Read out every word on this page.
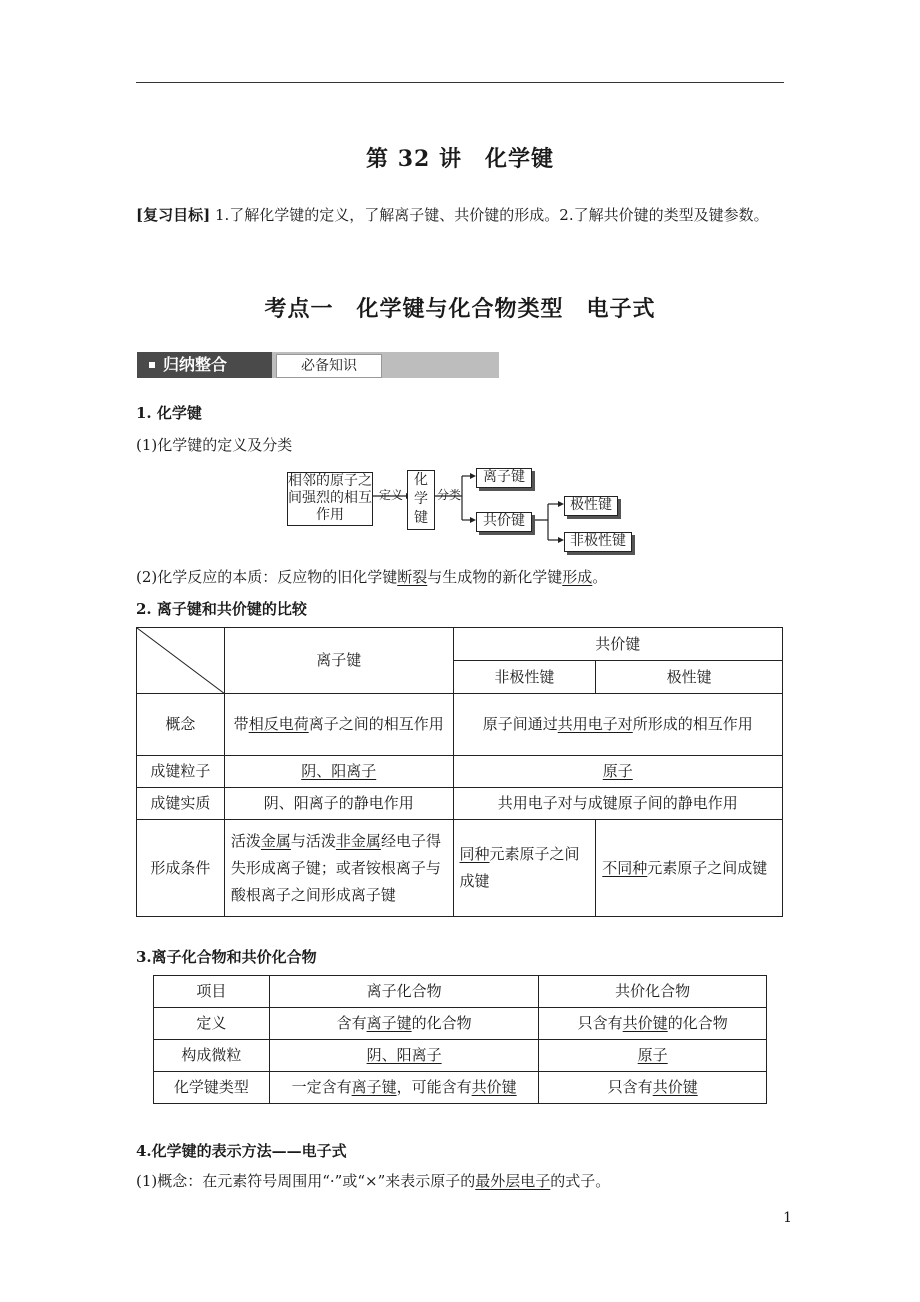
第 32 讲　化学键
[复习目标] 1.了解化学键的定义，了解离子键、共价键的形成。2.了解共价键的类型及键参数。
考点一　化学键与化合物类型　电子式
归纳整合	必备知识
1. 化学键
(1)化学键的定义及分类
相邻的原子之间强烈的相互作用
定义
化学键
分类
离子键
共价键
极性键
非极性键
(2)化学反应的本质：反应物的旧化学键断裂与生成物的新化学键形成。
2. 离子键和共价键的比较
	离子键	共价键	
		非极性键	极性键
概念	带相反电荷离子之间的相互作用	原子间通过共用电子对所形成的相互作用	
成键粒子	阴、阳离子	原子	
成键实质	阴、阳离子的静电作用	共用电子对与成键原子间的静电作用	
形成条件	活泼金属与活泼非金属经电子得失形成离子键；或者铵根离子与酸根离子之间形成离子键	同种元素原子之间成键	不同种元素原子之间成键
3.离子化合物和共价化合物
项目	离子化合物	共价化合物
定义	含有离子键的化合物	只含有共价键的化合物
构成微粒	阴、阳离子	原子
化学键类型	一定含有离子键，可能含有共价键	只含有共价键
4.化学键的表示方法——电子式
(1)概念：在元素符号周围用“·”或“×”来表示原子的最外层电子的式子。
1
